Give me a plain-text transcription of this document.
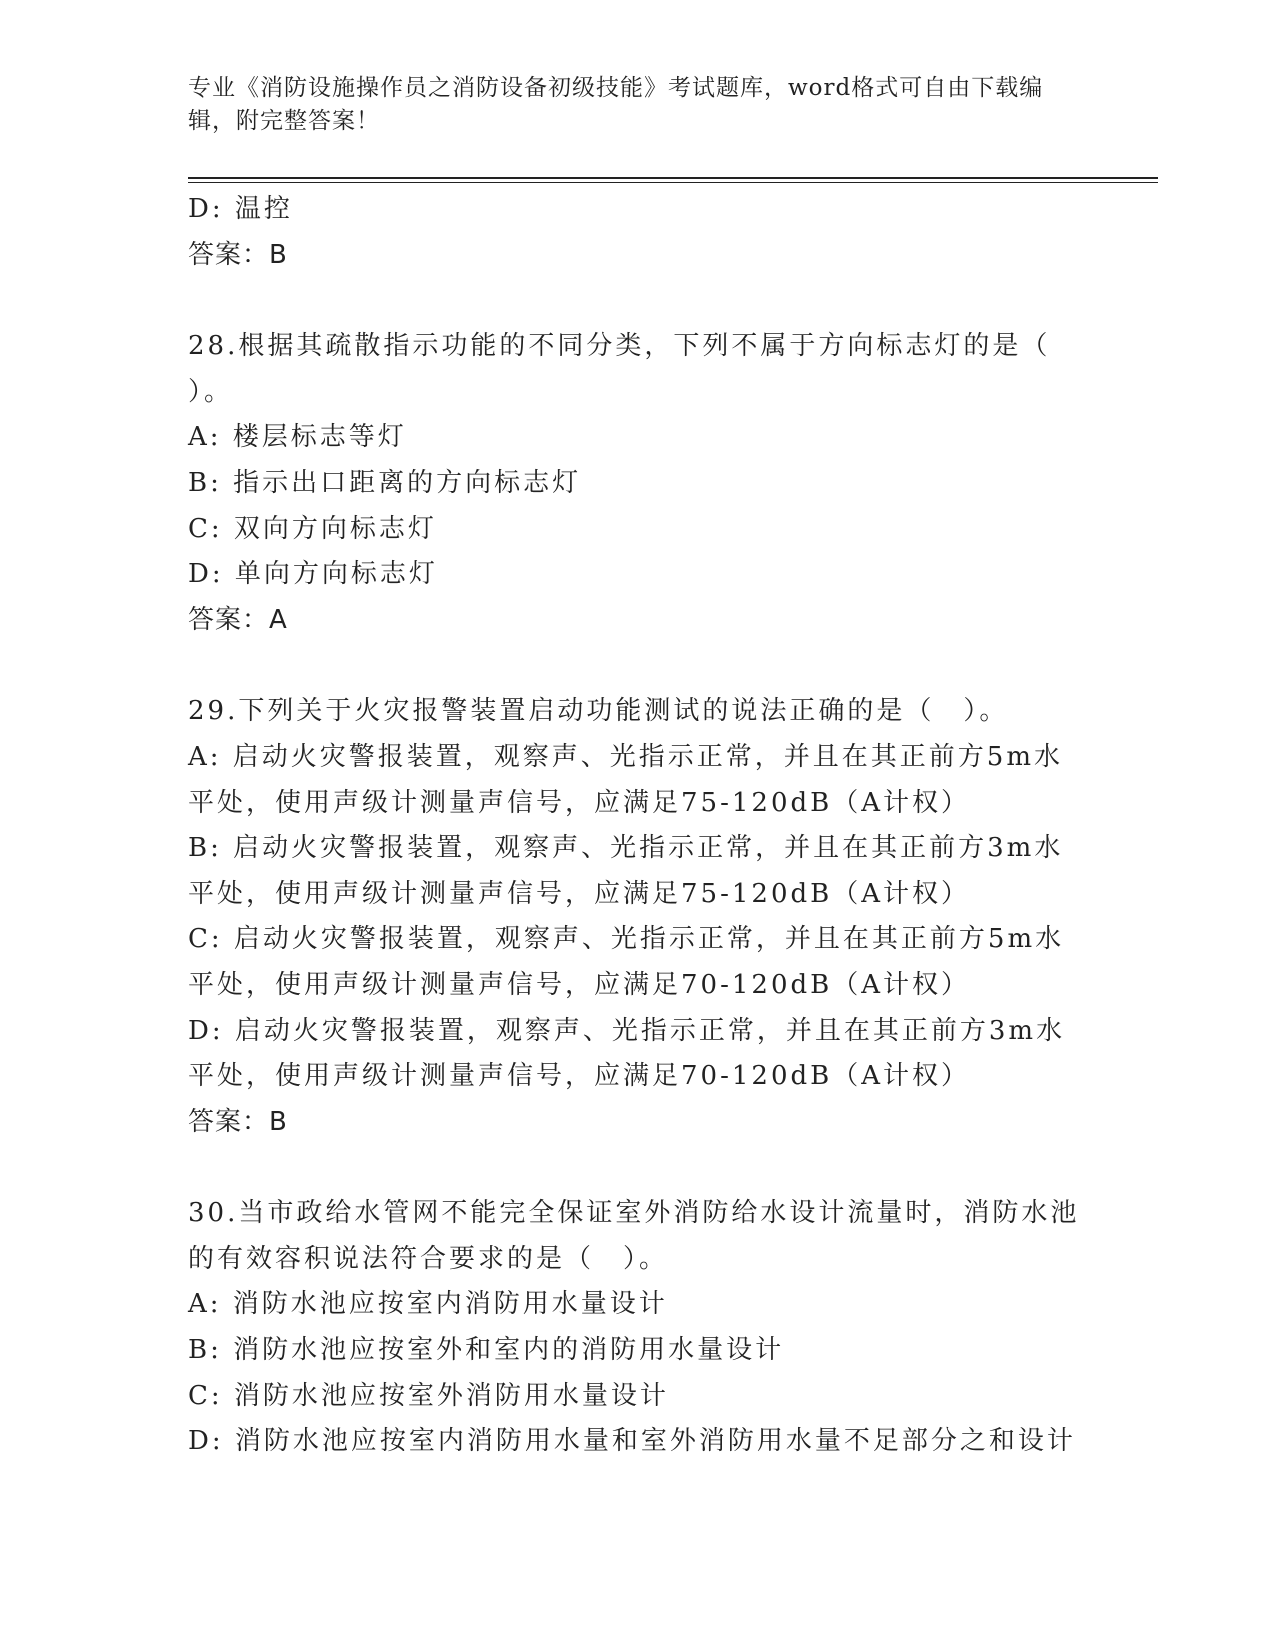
专业《消防设施操作员之消防设备初级技能》考试题库，word格式可自由下载编
辑，附完整答案！
D: 温控
答案：B
28.根据其疏散指示功能的不同分类，下列不属于方向标志灯的是（
）。
A: 楼层标志等灯
B: 指示出口距离的方向标志灯
C: 双向方向标志灯
D: 单向方向标志灯
答案：A
29.下列关于火灾报警装置启动功能测试的说法正确的是（　）。
A: 启动火灾警报装置，观察声、光指示正常，并且在其正前方5m水
平处，使用声级计测量声信号，应满足75-120dB（A计权）
B: 启动火灾警报装置，观察声、光指示正常，并且在其正前方3m水
平处，使用声级计测量声信号，应满足75-120dB（A计权）
C: 启动火灾警报装置，观察声、光指示正常，并且在其正前方5m水
平处，使用声级计测量声信号，应满足70-120dB（A计权）
D: 启动火灾警报装置，观察声、光指示正常，并且在其正前方3m水
平处，使用声级计测量声信号，应满足70-120dB（A计权）
答案：B
30.当市政给水管网不能完全保证室外消防给水设计流量时，消防水池
的有效容积说法符合要求的是（　）。
A: 消防水池应按室内消防用水量设计
B: 消防水池应按室外和室内的消防用水量设计
C: 消防水池应按室外消防用水量设计
D: 消防水池应按室内消防用水量和室外消防用水量不足部分之和设计
